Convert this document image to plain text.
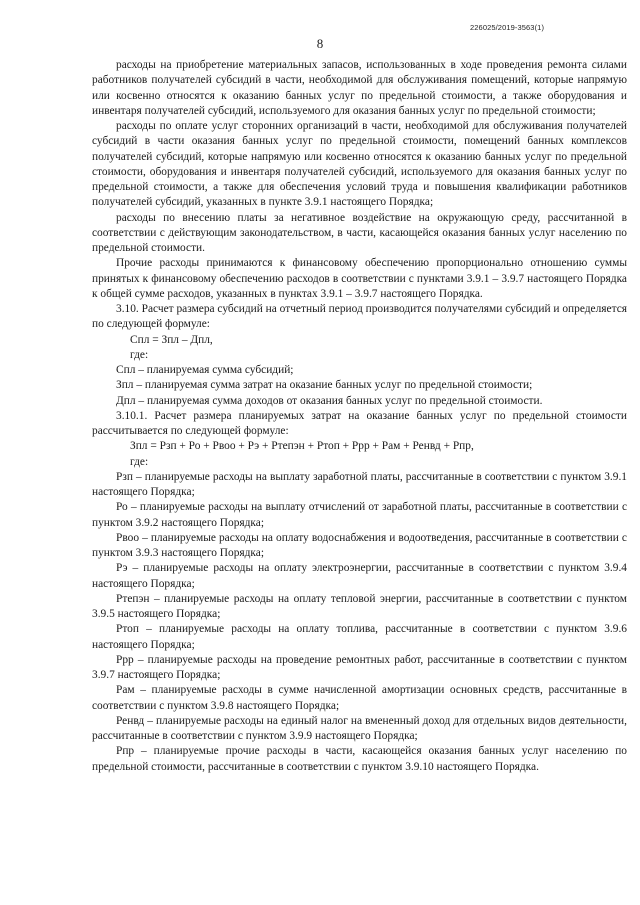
226025/2019-3563(1)
8

расходы на приобретение материальных запасов, использованных в ходе проведения ремонта силами работников получателей субсидий в части, необходимой для обслуживания помещений, которые напрямую или косвенно относятся к оказанию банных услуг по предельной стоимости, а также оборудования и инвентаря получателей субсидий, используемого для оказания банных услуг по предельной стоимости;

расходы по оплате услуг сторонних организаций в части, необходимой для обслуживания получателей субсидий в части оказания банных услуг по предельной стоимости, помещений банных комплексов получателей субсидий, которые напрямую или косвенно относятся к оказанию банных услуг по предельной стоимости, оборудования и инвентаря получателей субсидий, используемого для оказания банных услуг по предельной стоимости, а также для обеспечения условий труда и повышения квалификации работников получателей субсидий, указанных в пункте 3.9.1 настоящего Порядка;

расходы по внесению платы за негативное воздействие на окружающую среду, рассчитанной в соответствии с действующим законодательством, в части, касающейся оказания банных услуг населению по предельной стоимости.

Прочие расходы принимаются к финансовому обеспечению пропорционально отношению суммы принятых к финансовому обеспечению расходов в соответствии с пунктами 3.9.1 – 3.9.7 настоящего Порядка к общей сумме расходов, указанных в пунктах 3.9.1 – 3.9.7 настоящего Порядка.

3.10. Расчет размера субсидий на отчетный период производится получателями субсидий и определяется по следующей формуле:

Спл = Зпл – Дпл,

где:

Спл – планируемая сумма субсидий;

Зпл – планируемая сумма затрат на оказание банных услуг по предельной стоимости;

Дпл – планируемая сумма доходов от оказания банных услуг по предельной стоимости.

3.10.1. Расчет размера планируемых затрат на оказание банных услуг по предельной стоимости рассчитывается по следующей формуле:

Зпл = Рзп + Ро + Рвоо + Рэ + Ртепэн + Ртоп + Ррр + Рам + Ренвд + Рпр,

где:

Рзп – планируемые расходы на выплату заработной платы, рассчитанные в соответствии с пунктом 3.9.1 настоящего Порядка;

Ро – планируемые расходы на выплату отчислений от заработной платы, рассчитанные в соответствии с пунктом 3.9.2 настоящего Порядка;

Рвоо – планируемые расходы на оплату водоснабжения и водоотведения, рассчитанные в соответствии с пунктом 3.9.3 настоящего Порядка;

Рэ – планируемые расходы на оплату электроэнергии, рассчитанные в соответствии с пунктом 3.9.4 настоящего Порядка;

Ртепэн – планируемые расходы на оплату тепловой энергии, рассчитанные в соответствии с пунктом 3.9.5 настоящего Порядка;

Ртоп – планируемые расходы на оплату топлива, рассчитанные в соответствии с пунктом 3.9.6 настоящего Порядка;

Ррр – планируемые расходы на проведение ремонтных работ, рассчитанные в соответствии с пунктом 3.9.7 настоящего Порядка;

Рам – планируемые расходы в сумме начисленной амортизации основных средств, рассчитанные в соответствии с пунктом 3.9.8 настоящего Порядка;

Ренвд – планируемые расходы на единый налог на вмененный доход для отдельных видов деятельности, рассчитанные в соответствии с пунктом 3.9.9 настоящего Порядка;

Рпр – планируемые прочие расходы в части, касающейся оказания банных услуг населению по предельной стоимости, рассчитанные в соответствии с пунктом 3.9.10 настоящего Порядка.
